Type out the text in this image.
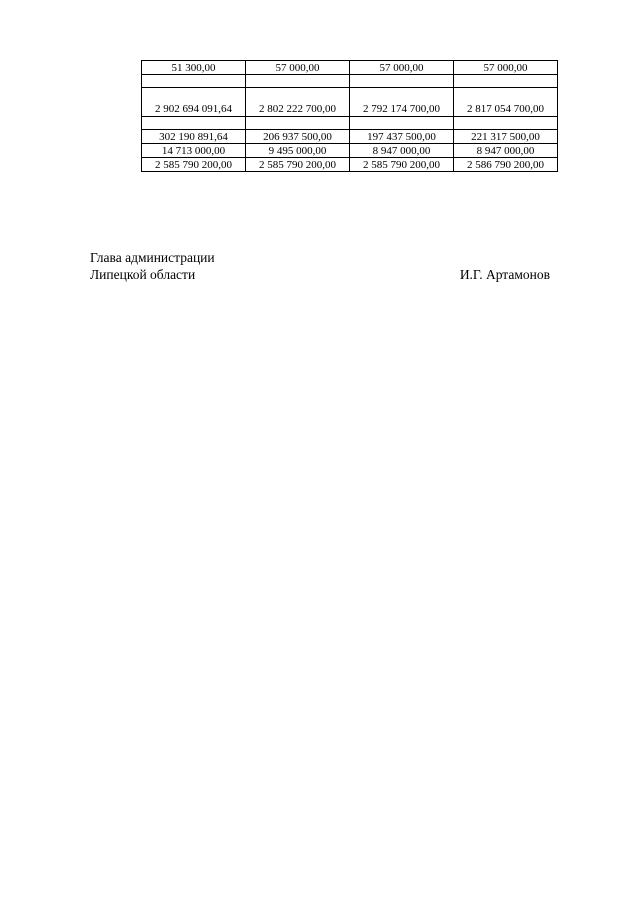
51 300,00	57 000,00	57 000,00	57 000,00

2 902 694 091,64	2 802 222 700,00	2 792 174 700,00	2 817 054 700,00

302 190 891,64	206 937 500,00	197 437 500,00	221 317 500,00
14 713 000,00	9 495 000,00	8 947 000,00	8 947 000,00
2 585 790 200,00	2 585 790 200,00	2 585 790 200,00	2 586 790 200,00
Глава администрации
Липецкой области	И.Г. Артамонов
